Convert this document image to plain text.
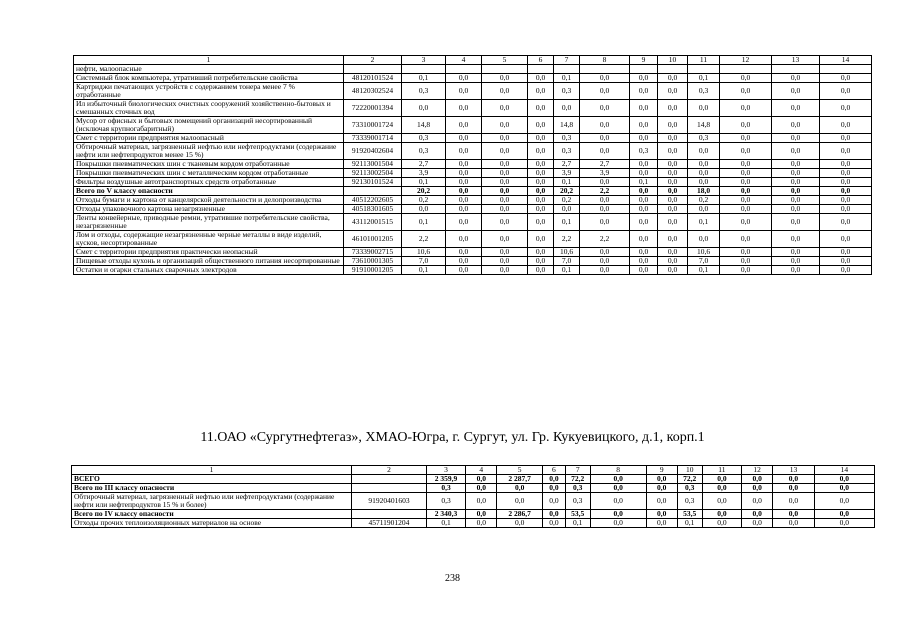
1	2	3	4	5	6	7	8	9	10	11	12	13	14
нефти, малоопасные													
Системный блок компьютера, утративший потребительские свойства	48120101524	0,1	0,0	0,0	0,0	0,1	0,0	0,0	0,0	0,1	0,0	0,0	0,0
Картриджи печатающих устройств с содержанием тонера менее 7 % отработанные	48120302524	0,3	0,0	0,0	0,0	0,3	0,0	0,0	0,0	0,3	0,0	0,0	0,0
Ил избыточный биологических очистных сооружений хозяйственно-бытовых и смешанных сточных вод	72220001394	0,0	0,0	0,0	0,0	0,0	0,0	0,0	0,0	0,0	0,0	0,0	0,0
Мусор от офисных и бытовых помещений организаций несортированный (исключая крупногабаритный)	73310001724	14,8	0,0	0,0	0,0	14,8	0,0	0,0	0,0	14,8	0,0	0,0	0,0
Смет с территории предприятия малоопасный	73339001714	0,3	0,0	0,0	0,0	0,3	0,0	0,0	0,0	0,3	0,0	0,0	0,0
Обтирочный материал, загрязненный нефтью или нефтепродуктами (содержание нефти или нефтепродуктов менее 15 %)	91920402604	0,3	0,0	0,0	0,0	0,3	0,0	0,3	0,0	0,0	0,0	0,0	0,0
Покрышки пневматических шин с тканевым кордом отработанные	92113001504	2,7	0,0	0,0	0,0	2,7	2,7	0,0	0,0	0,0	0,0	0,0	0,0
Покрышки пневматических шин с металлическим кордом отработанные	92113002504	3,9	0,0	0,0	0,0	3,9	3,9	0,0	0,0	0,0	0,0	0,0	0,0
Фильтры воздушные автотранспортных средств отработанные	92130101524	0,1	0,0	0,0	0,0	0,1	0,0	0,1	0,0	0,0	0,0	0,0	0,0
Всего по V классу опасности		20,2	0,0	0,0	0,0	20,2	2,2	0,0	0,0	18,0	0,0	0,0	0,0
Отходы бумаги и картона от канцелярской деятельности и делопроизводства	40512202605	0,2	0,0	0,0	0,0	0,2	0,0	0,0	0,0	0,2	0,0	0,0	0,0
Отходы упаковочного картона незагрязненные	40518301605	0,0	0,0	0,0	0,0	0,0	0,0	0,0	0,0	0,0	0,0	0,0	0,0
Ленты конвейерные, приводные ремни, утратившие потребительские свойства, незагрязненные	43112001515	0,1	0,0	0,0	0,0	0,1	0,0	0,0	0,0	0,1	0,0	0,0	0,0
Лом и отходы, содержащие незагрязненные черные металлы в виде изделий, кусков, несортированные	46101001205	2,2	0,0	0,0	0,0	2,2	2,2	0,0	0,0	0,0	0,0	0,0	0,0
Смет с территории предприятия практически неопасный	73339002715	10,6	0,0	0,0	0,0	10,6	0,0	0,0	0,0	10,6	0,0	0,0	0,0
Пищевые отходы кухонь и организаций общественного питания несортированные	73610001305	7,0	0,0	0,0	0,0	7,0	0,0	0,0	0,0	7,0	0,0	0,0	0,0
Остатки и огарки стальных сварочных электродов	91910001205	0,1	0,0	0,0	0,0	0,1	0,0	0,0	0,0	0,1	0,0	0,0	0,0
11.ОАО «Сургутнефтегаз», ХМАО-Югра, г. Сургут, ул. Гр. Кукуевицкого, д.1, корп.1
1	2	3	4	5	6	7	8	9	10	11	12	13	14
ВСЕГО		2 359,9	0,0	2 287,7	0,0	72,2	0,0	0,0	72,2	0,0	0,0	0,0	0,0
Всего по III классу опасности		0,3	0,0	0,0	0,0	0,3	0,0	0,0	0,3	0,0	0,0	0,0	0,0
Обтирочный материал, загрязненный нефтью или нефтепродуктами (содержание нефти или нефтепродуктов 15 % и более)	91920401603	0,3	0,0	0,0	0,0	0,3	0,0	0,0	0,3	0,0	0,0	0,0	0,0
Всего по IV классу опасности		2 340,3	0,0	2 286,7	0,0	53,5	0,0	0,0	53,5	0,0	0,0	0,0	0,0
Отходы прочих теплоизоляционных материалов на основе	45711901204	0,1	0,0	0,0	0,0	0,1	0,0	0,0	0,1	0,0	0,0	0,0	0,0
238
